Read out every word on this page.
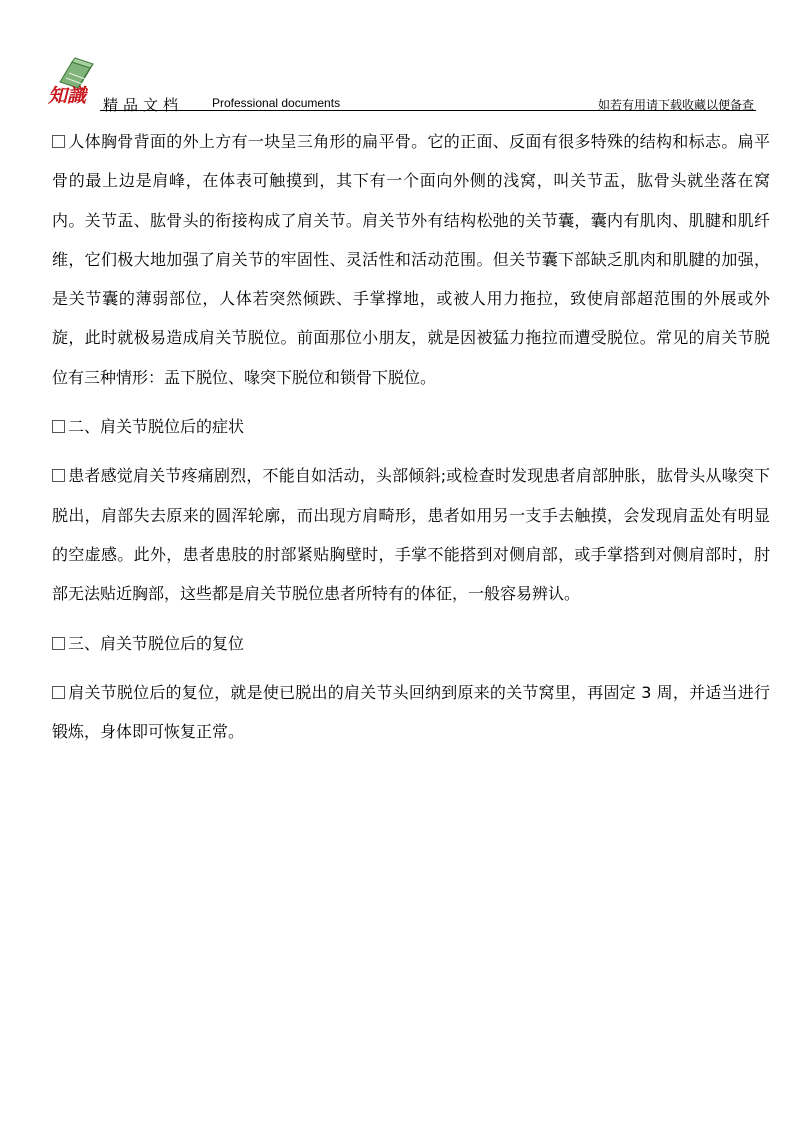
知識 精品文档 Professional documents	如若有用请下载收藏以便备查

人体胸骨背面的外上方有一块呈三角形的扁平骨。它的正面、反面有很多特殊的结构和标志。扁平骨的最上边是肩峰，在体表可触摸到，其下有一个面向外侧的浅窝，叫关节盂，肱骨头就坐落在窝内。关节盂、肱骨头的衔接构成了肩关节。肩关节外有结构松弛的关节囊，囊内有肌肉、肌腱和肌纤维，它们极大地加强了肩关节的牢固性、灵活性和活动范围。但关节囊下部缺乏肌肉和肌腱的加强，是关节囊的薄弱部位，人体若突然倾跌、手掌撑地，或被人用力拖拉，致使肩部超范围的外展或外旋，此时就极易造成肩关节脱位。前面那位小朋友，就是因被猛力拖拉而遭受脱位。常见的肩关节脱位有三种情形：盂下脱位、喙突下脱位和锁骨下脱位。

二、肩关节脱位后的症状

患者感觉肩关节疼痛剧烈，不能自如活动，头部倾斜;或检查时发现患者肩部肿胀，肱骨头从喙突下脱出，肩部失去原来的圆浑轮廓，而出现方肩畸形，患者如用另一支手去触摸，会发现肩盂处有明显的空虚感。此外，患者患肢的肘部紧贴胸壁时，手掌不能搭到对侧肩部，或手掌搭到对侧肩部时，肘部无法贴近胸部，这些都是肩关节脱位患者所特有的体征，一般容易辨认。

三、肩关节脱位后的复位

肩关节脱位后的复位，就是使已脱出的肩关节头回纳到原来的关节窝里，再固定 3 周，并适当进行锻炼，身体即可恢复正常。
